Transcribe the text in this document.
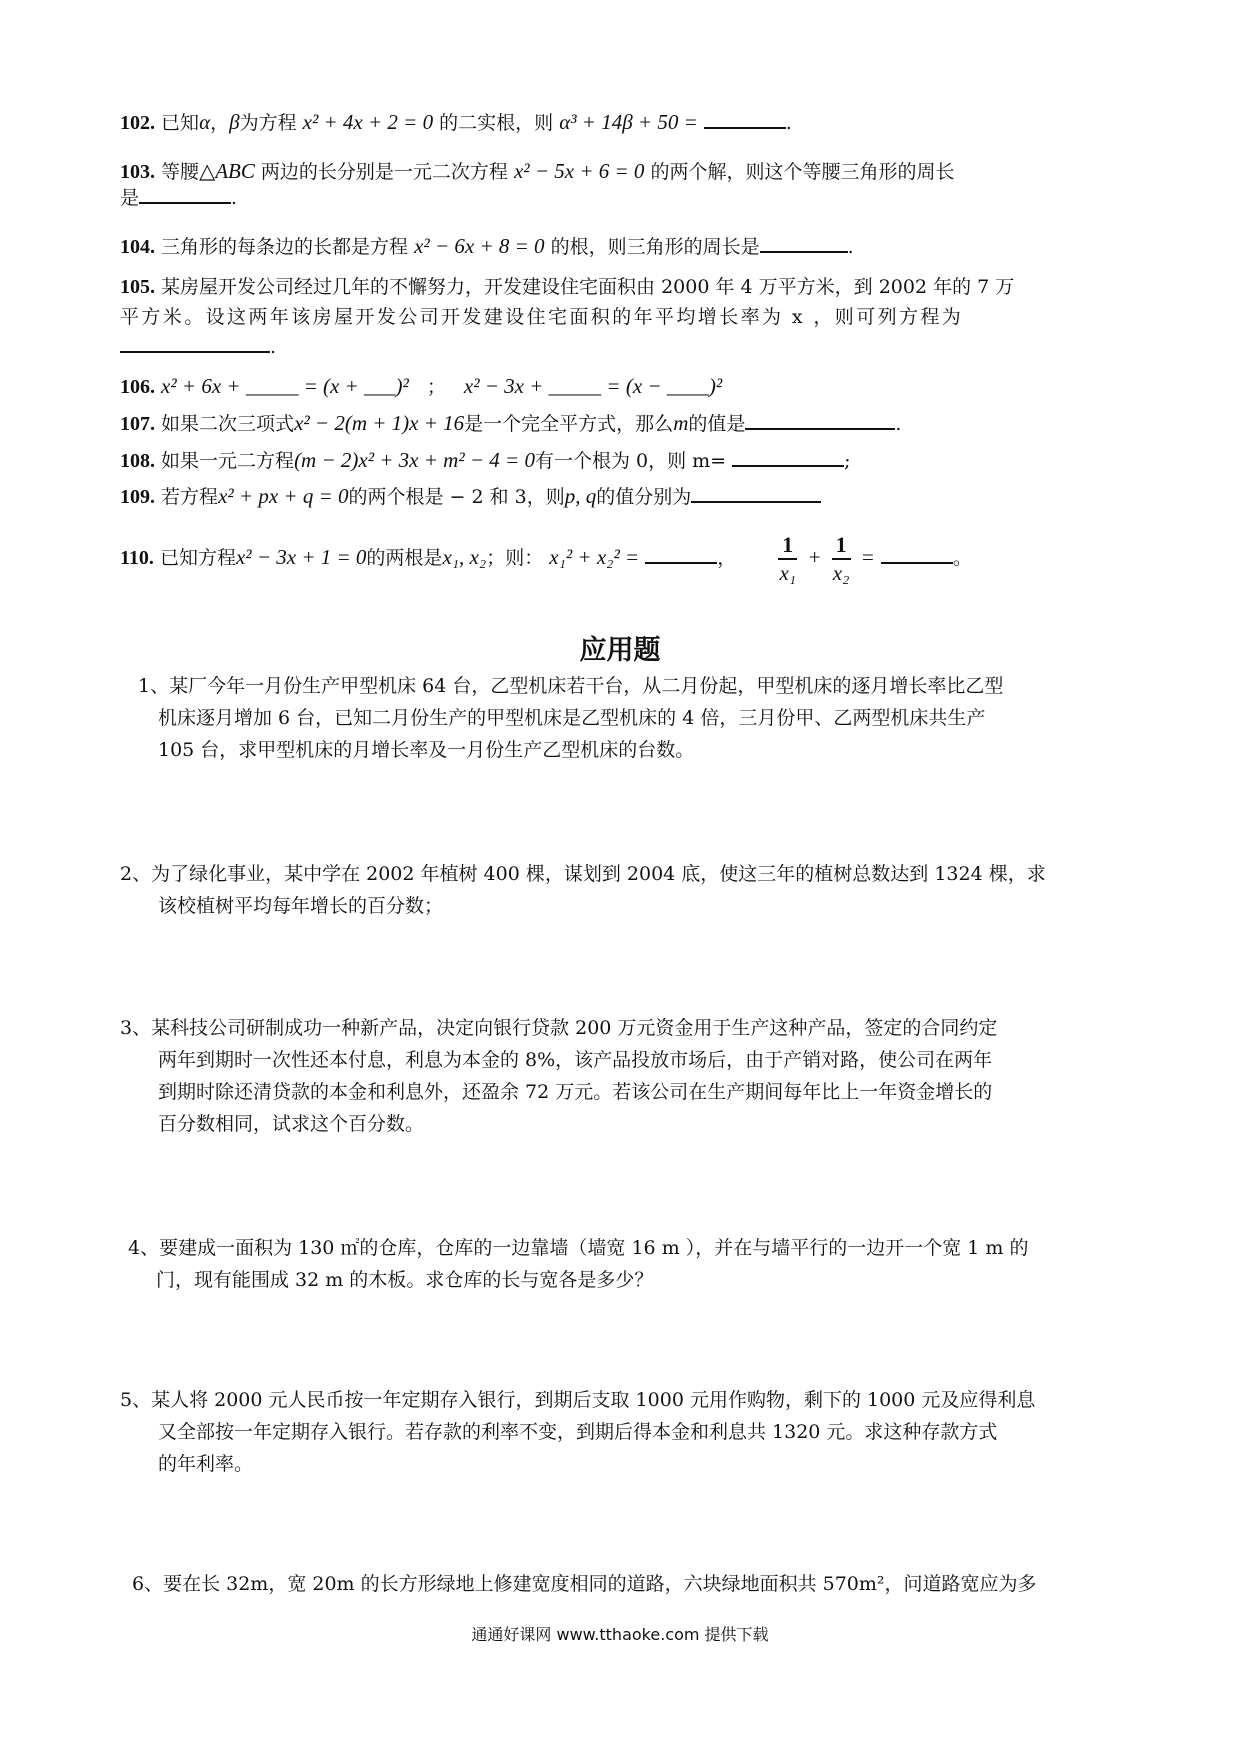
102. 已知α，β为方程 x² + 4x + 2 = 0 的二实根，则 α³ + 14β + 50 =	.
103. 等腰△ABC 两边的长分别是一元二次方程 x² − 5x + 6 = 0 的两个解，则这个等腰三角形的周长
是	.
104. 三角形的每条边的长都是方程 x² − 6x + 8 = 0 的根，则三角形的周长是	.
105. 某房屋开发公司经过几年的不懈努力，开发建设住宅面积由 2000 年 4 万平方米，到 2002 年的 7 万
平方米。设这两年该房屋开发公司开发建设住宅面积的年平均增长率为 x ，则可列方程为
.
106. x² + 6x + _____ = (x + ___)² ； x² − 3x + _____ = (x − ____)²
107. 如果二次三项式x² − 2(m + 1)x + 16是一个完全平方式，那么m的值是	.
108. 如果一元二方程(m − 2)x² + 3x + m² − 4 = 0有一个根为 0，则 m=	;
109. 若方程x² + px + q = 0的两个根是 − 2 和 3，则p, q的值分别为
110. 已知方程x² − 3x + 1 = 0的两根是x₁, x₂；则： x₁² + x₂² =	， $\frac{1}{\text{x₁}} + \frac{1}{\text{x₂}}$ =	。
应用题
1、某厂今年一月份生产甲型机床 64 台，乙型机床若干台，从二月份起，甲型机床的逐月增长率比乙型
机床逐月增加 6 台，已知二月份生产的甲型机床是乙型机床的 4 倍，三月份甲、乙两型机床共生产
105 台，求甲型机床的月增长率及一月份生产乙型机床的台数。
2、为了绿化事业，某中学在 2002 年植树 400 棵，谋划到 2004 底，使这三年的植树总数达到 1324 棵，求
该校植树平均每年增长的百分数；
3、某科技公司研制成功一种新产品，决定向银行贷款 200 万元资金用于生产这种产品，签定的合同约定
两年到期时一次性还本付息，利息为本金的 8%，该产品投放市场后，由于产销对路，使公司在两年
到期时除还清贷款的本金和利息外，还盈余 72 万元。若该公司在生产期间每年比上一年资金增长的
百分数相同，试求这个百分数。
4、要建成一面积为 130 ㎡的仓库，仓库的一边靠墙（墙宽 16 m ），并在与墙平行的一边开一个宽 1 m 的
门，现有能围成 32 m 的木板。求仓库的长与宽各是多少？
5、某人将 2000 元人民币按一年定期存入银行，到期后支取 1000 元用作购物，剩下的 1000 元及应得利息
又全部按一年定期存入银行。若存款的利率不变，到期后得本金和利息共 1320 元。求这种存款方式
的年利率。
6、要在长 32m，宽 20m 的长方形绿地上修建宽度相同的道路，六块绿地面积共 570m²，问道路宽应为多
通通好课网 www.tthaoke.com 提供下载
